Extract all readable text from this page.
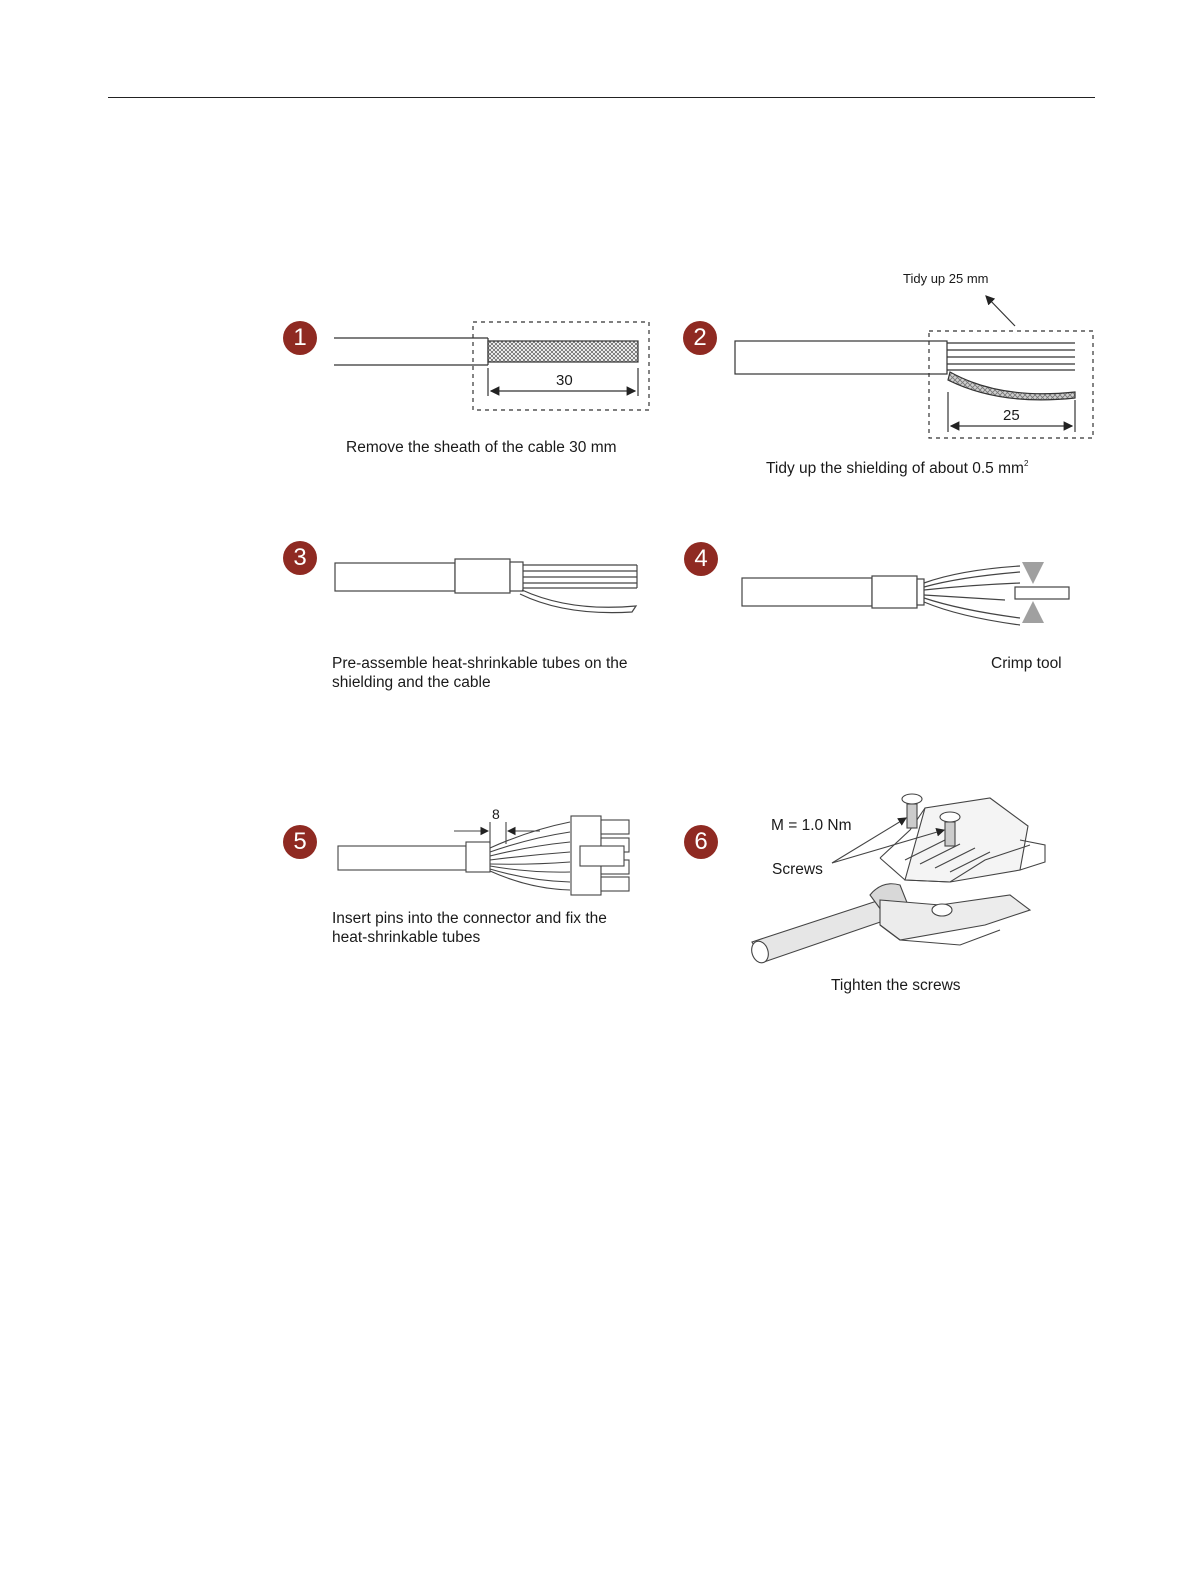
1	2
3	4
5	6
30
Remove the sheath of the cable 30 mm
Tidy up 25 mm
25
Tidy up the shielding of about 0.5 $mm^2$
Pre-assemble heat-shrinkable tubes on the
shielding and the cable
Crimp tool
8
Insert pins into the connector and fix the
heat-shrinkable tubes
M = 1.0 Nm
Screws
Tighten the screws
